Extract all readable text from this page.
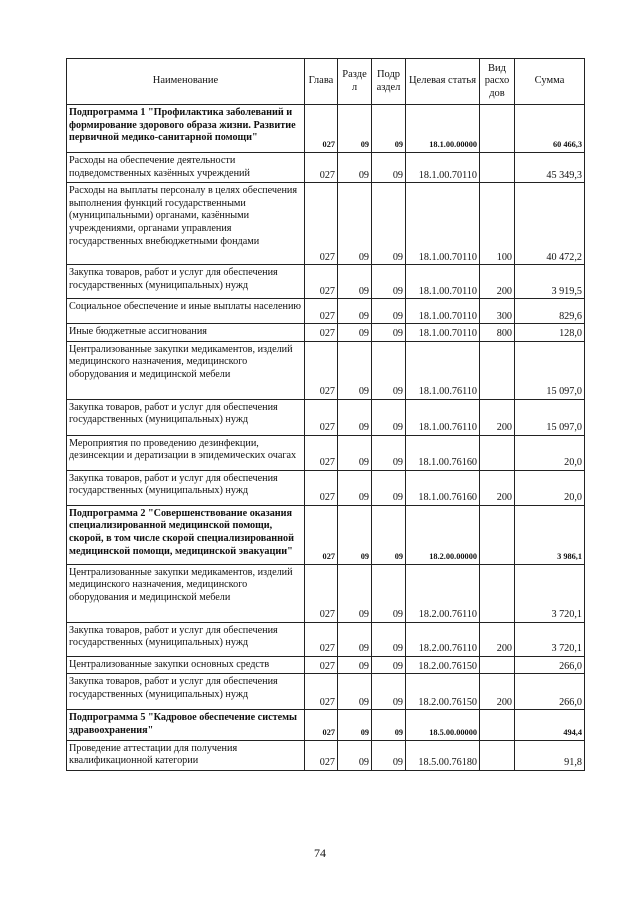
Наименование	Глава	Разде л	Подр аздел	Целевая статья	Вид расхо дов	Сумма
Подпрограмма 1 "Профилактика заболеваний и формирование здорового образа жизни. Развитие первичной медико-санитарной помощи"	027	09	09	18.1.00.00000		60 466,3
Расходы на обеспечение деятельности подведомственных казённых учреждений	027	09	09	18.1.00.70110		45 349,3
Расходы на выплаты персоналу в целях обеспечения выполнения функций государственными (муниципальными) органами, казёнными учреждениями, органами управления государственных внебюджетными фондами	027	09	09	18.1.00.70110	100	40 472,2
Закупка товаров, работ и услуг для обеспечения государственных (муниципальных) нужд	027	09	09	18.1.00.70110	200	3 919,5
Социальное обеспечение и иные выплаты населению	027	09	09	18.1.00.70110	300	829,6
Иные бюджетные ассигнования	027	09	09	18.1.00.70110	800	128,0
Централизованные закупки медикаментов, изделий медицинского назначения, медицинского оборудования и медицинской мебели	027	09	09	18.1.00.76110		15 097,0
Закупка товаров, работ и услуг для обеспечения государственных (муниципальных) нужд	027	09	09	18.1.00.76110	200	15 097,0
Мероприятия по проведению дезинфекции, дезинсекции и дератизации в эпидемических очагах	027	09	09	18.1.00.76160		20,0
Закупка товаров, работ и услуг для обеспечения государственных (муниципальных) нужд	027	09	09	18.1.00.76160	200	20,0
Подпрограмма 2 "Совершенствование оказания специализированной медицинской помощи, скорой, в том числе скорой специализированной медицинской помощи, медицинской эвакуации"	027	09	09	18.2.00.00000		3 986,1
Централизованные закупки медикаментов, изделий медицинского назначения, медицинского оборудования и медицинской мебели	027	09	09	18.2.00.76110		3 720,1
Закупка товаров, работ и услуг для обеспечения государственных (муниципальных) нужд	027	09	09	18.2.00.76110	200	3 720,1
Централизованные закупки основных средств	027	09	09	18.2.00.76150		266,0
Закупка товаров, работ и услуг для обеспечения государственных (муниципальных) нужд	027	09	09	18.2.00.76150	200	266,0
Подпрограмма 5 "Кадровое обеспечение системы здравоохранения"	027	09	09	18.5.00.00000		494,4
Проведение аттестации для получения квалификационной категории	027	09	09	18.5.00.76180		91,8
74
